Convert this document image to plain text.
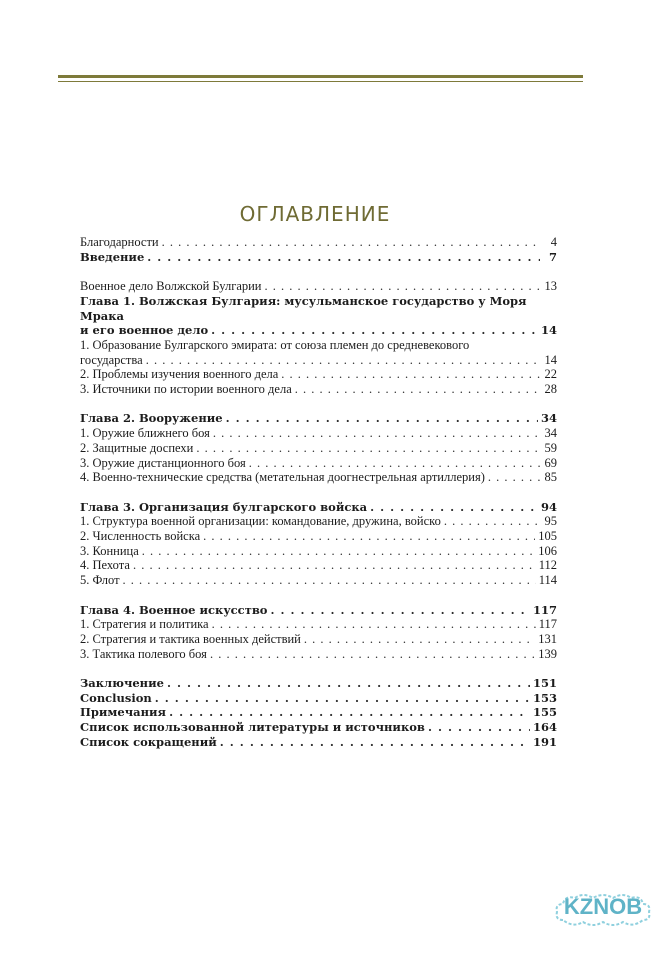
ОГЛАВЛЕНИЕ
Благодарности . . .	4
Введение . . .	7
Военное дело Волжской Булгарии . . .	13
Глава 1. Волжская Булгария: мусульманское государство у Моря Мрака
и его военное дело . . .	14
1. Образование Булгарского эмирата: от союза племен до средневекового
государства . . .	14
2. Проблемы изучения военного дела . . .	22
3. Источники по истории военного дела . . .	28
Глава 2. Вооружение . . .	34
1. Оружие ближнего боя . . .	34
2. Защитные доспехи . . .	59
3. Оружие дистанционного боя . . .	69
4. Военно-технические средства (метательная доогнестрельная артиллерия) . . .	85
Глава 3. Организация булгарского войска . . .	94
1. Структура военной организации: командование, дружина, войско . . .	95
2. Численность войска . . .	105
3. Конница . . .	106
4. Пехота . . .	112
5. Флот . . .	114
Глава 4. Военное искусство . . .	117
1. Стратегия и политика . . .	117
2. Стратегия и тактика военных действий . . .	131
3. Тактика полевого боя . . .	139
Заключение . . .	151
Conclusion . . .	153
Примечания . . .	155
Список использованной литературы и источников . . .	164
Список сокращений . . .	191
KZNOB
